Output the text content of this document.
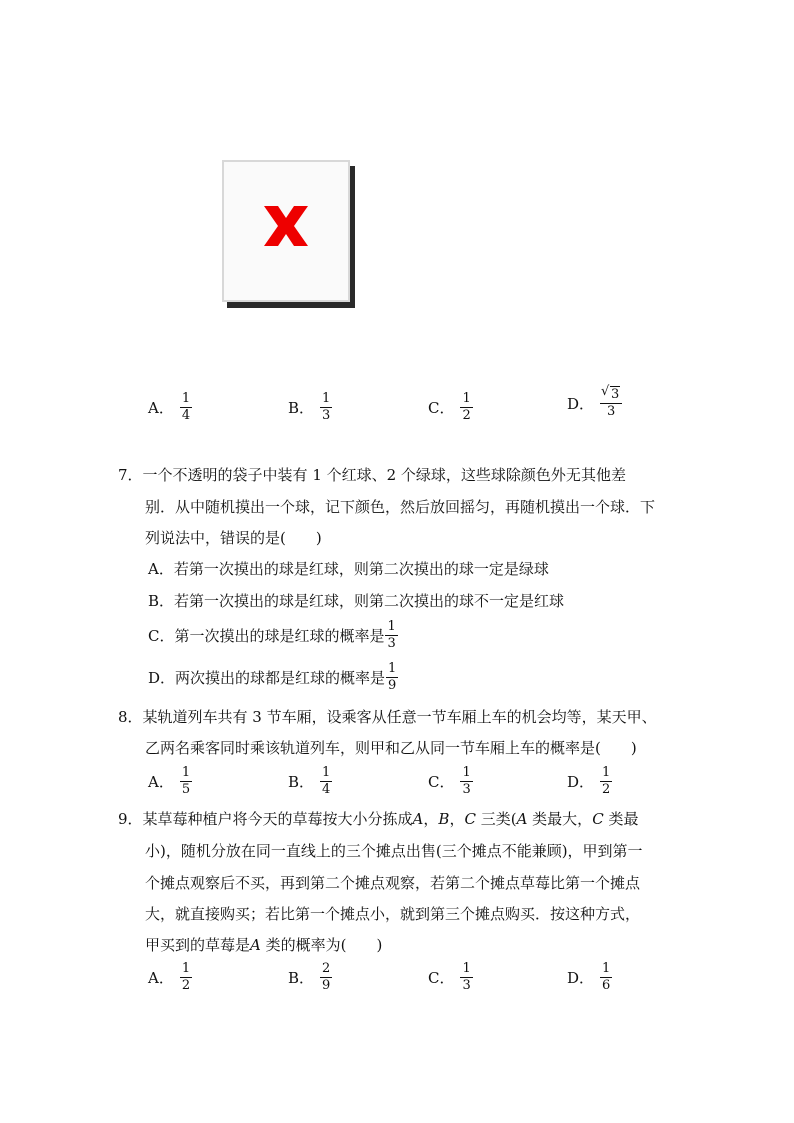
A． $\frac{1}{4}$	B． $\frac{1}{3}$	C． $\frac{1}{2}$	D．
√ $\frac{3}{3}$
7．一个不透明的袋子中装有 1 个红球、2 个绿球，这些球除颜色外无其他差
别．从中随机摸出一个球，记下颜色，然后放回摇匀，再随机摸出一个球．下
列说法中，错误的是(　　)
A．若第一次摸出的球是红球，则第二次摸出的球一定是绿球
B．若第一次摸出的球是红球，则第二次摸出的球不一定是红球
C．第一次摸出的球是红球的概率是 $\frac{1}{3}$
D．两次摸出的球都是红球的概率是 $\frac{1}{9}$
8．某轨道列车共有 3 节车厢，设乘客从任意一节车厢上车的机会均等，某天甲、
乙两名乘客同时乘该轨道列车，则甲和乙从同一节车厢上车的概率是(　　)
A． $\frac{1}{5}$	B． $\frac{1}{4}$	C． $\frac{1}{3}$	D． $\frac{1}{2}$
9．某草莓种植户将今天的草莓按大小分拣成A，B，C 三类(A 类最大，C 类最
小)，随机分放在同一直线上的三个摊点出售(三个摊点不能兼顾)，甲到第一
个摊点观察后不买，再到第二个摊点观察，若第二个摊点草莓比第一个摊点
大，就直接购买；若比第一个摊点小，就到第三个摊点购买．按这种方式，
甲买到的草莓是A 类的概率为(　　)
A． $\frac{1}{2}$	B． $\frac{2}{9}$	C． $\frac{1}{3}$	D． $\frac{1}{6}$
